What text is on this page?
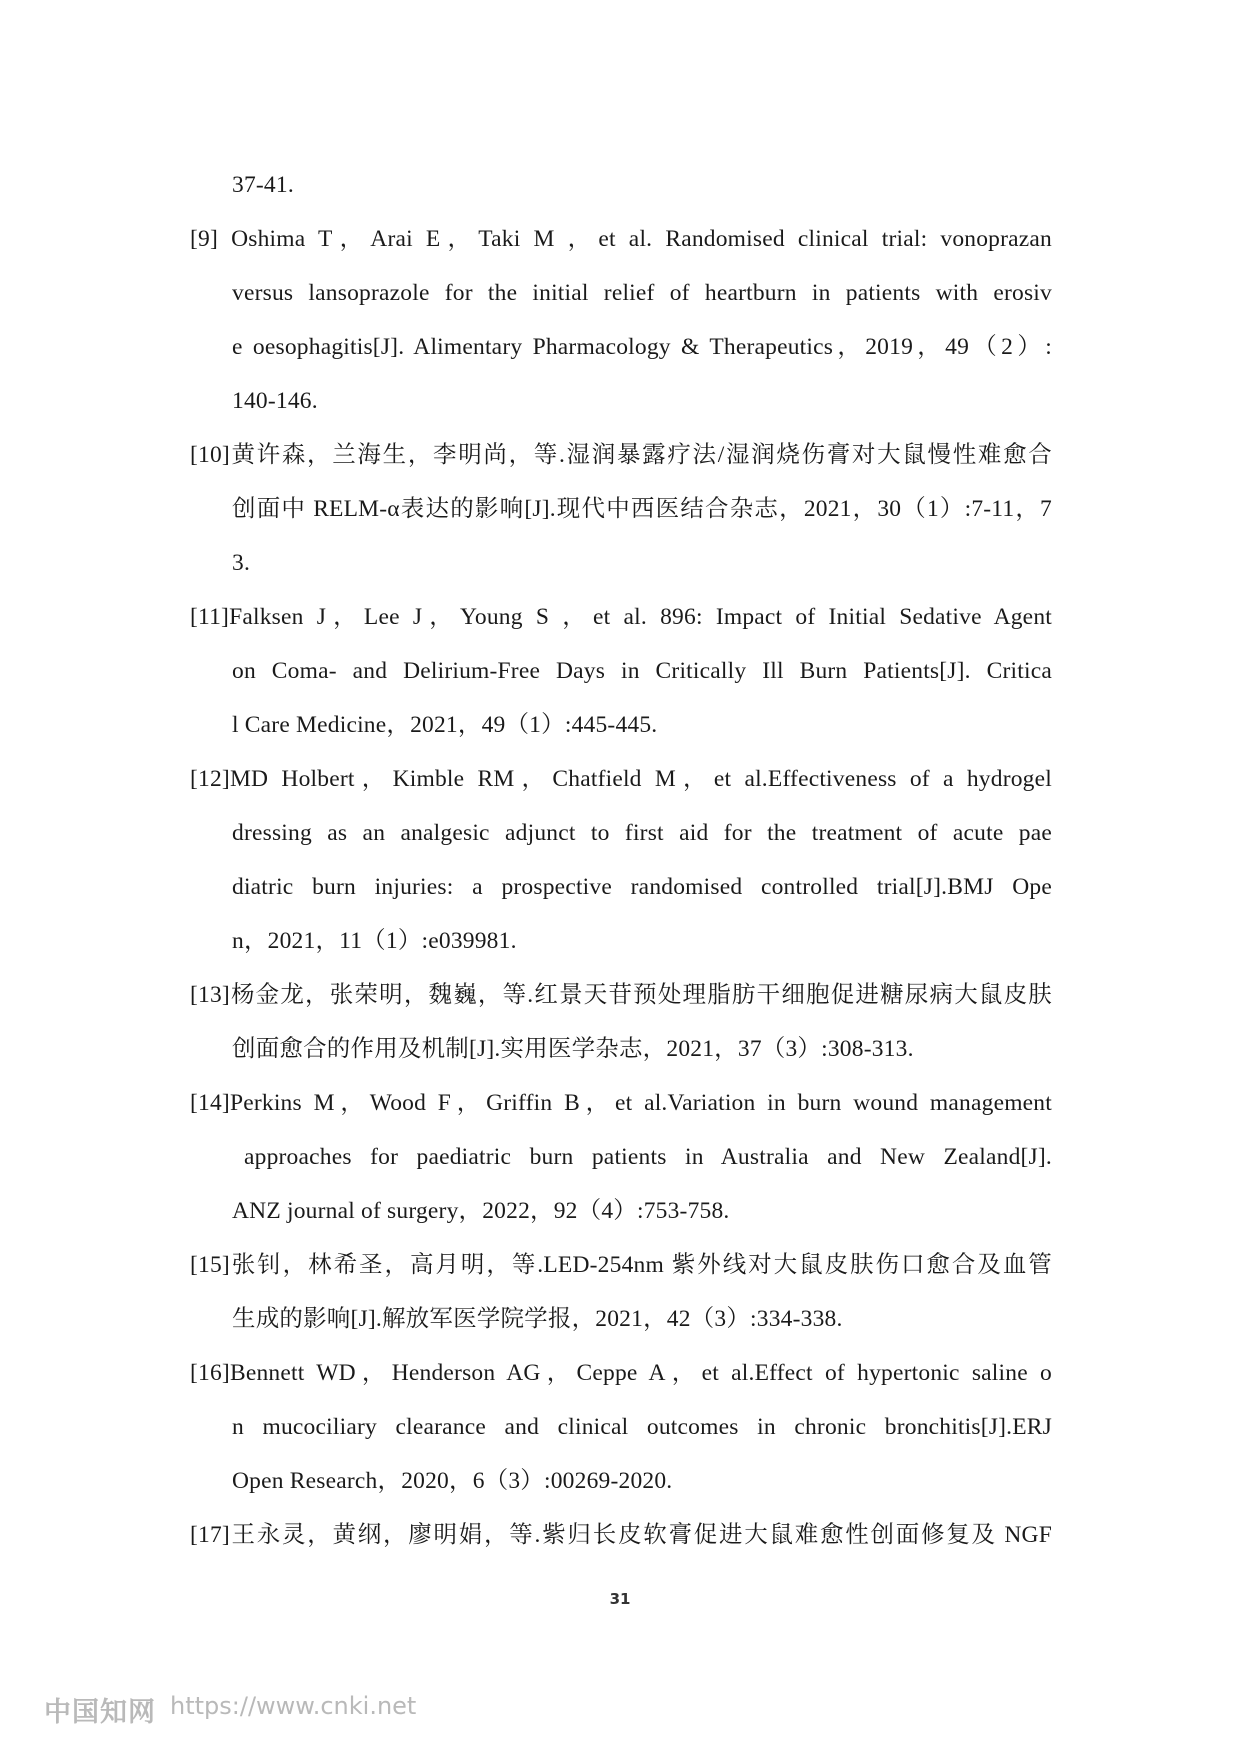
37-41.
[9] Oshima T，Arai E，Taki M ，et al. Randomised clinical trial: vonoprazan
versus lansoprazole for the initial relief of heartburn in patients with erosiv
e oesophagitis[J]. Alimentary Pharmacology & Therapeutics，2019，49（2）:
140-146.
[10]黄许森，兰海生，李明尚，等.湿润暴露疗法/湿润烧伤膏对大鼠慢性难愈合
创面中 RELM-α表达的影响[J].现代中西医结合杂志，2021，30（1）:7-11，7
3.
[11]Falksen J，Lee J，Young S ，et al. 896: Impact of Initial Sedative Agent
on Coma- and Delirium-Free Days in Critically Ill Burn Patients[J]. Critica
l Care Medicine，2021，49（1）:445-445.
[12]MD Holbert，Kimble RM，Chatfield M，et al.Effectiveness of a hydrogel
dressing as an analgesic adjunct to first aid for the treatment of acute pae
diatric burn injuries: a prospective randomised controlled trial[J].BMJ Ope
n，2021，11（1）:e039981.
[13]杨金龙，张荣明，魏巍，等.红景天苷预处理脂肪干细胞促进糖尿病大鼠皮肤
创面愈合的作用及机制[J].实用医学杂志，2021，37（3）:308-313.
[14]Perkins M，Wood F，Griffin B，et al.Variation in burn wound management
approaches for paediatric burn patients in Australia and New Zealand[J].
ANZ journal of surgery，2022，92（4）:753-758.
[15]张钊，林希圣，高月明，等.LED-254nm 紫外线对大鼠皮肤伤口愈合及血管
生成的影响[J].解放军医学院学报，2021，42（3）:334-338.
[16]Bennett WD，Henderson AG，Ceppe A，et al.Effect of hypertonic saline o
n mucociliary clearance and clinical outcomes in chronic bronchitis[J].ERJ
Open Research，2020，6（3）:00269-2020.
[17]王永灵，黄纲，廖明娟，等.紫归长皮软膏促进大鼠难愈性创面修复及 NGF
31
中国知网 https://www.cnki.net
